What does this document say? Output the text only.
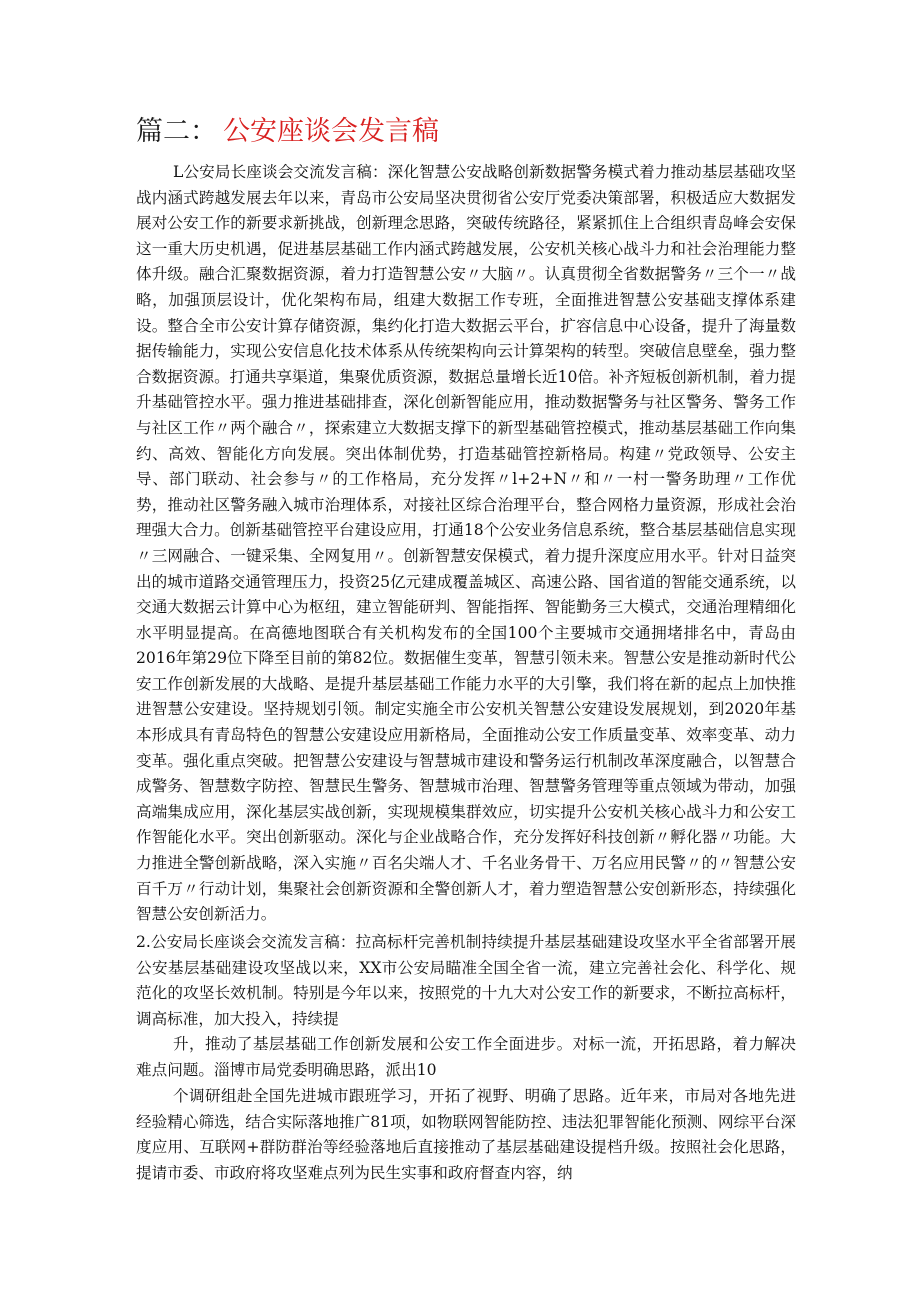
篇二： 公安座谈会发言稿

L公安局长座谈会交流发言稿：深化智慧公安战略创新数据警务模式着力推动基层基础攻坚战内涵式跨越发展去年以来，青岛市公安局坚决贯彻省公安厅党委决策部署，积极适应大数据发展对公安工作的新要求新挑战，创新理念思路，突破传统路径，紧紧抓住上合组织青岛峰会安保这一重大历史机遇，促进基层基础工作内涵式跨越发展，公安机关核心战斗力和社会治理能力整体升级。融合汇聚数据资源，着力打造智慧公安〃大脑〃。认真贯彻全省数据警务〃三个一〃战略，加强顶层设计，优化架构布局，组建大数据工作专班，全面推进智慧公安基础支撑体系建设。整合全市公安计算存储资源，集约化打造大数据云平台，扩容信息中心设备，提升了海量数据传输能力，实现公安信息化技术体系从传统架构向云计算架构的转型。突破信息壁垒，强力整合数据资源。打通共享渠道，集聚优质资源，数据总量增长近10倍。补齐短板创新机制，着力提升基础管控水平。强力推进基础排查，深化创新智能应用，推动数据警务与社区警务、警务工作与社区工作〃两个融合〃，探索建立大数据支撑下的新型基础管控模式，推动基层基础工作向集约、高效、智能化方向发展。突出体制优势，打造基础管控新格局。构建〃党政领导、公安主导、部门联动、社会参与〃的工作格局，充分发挥〃l+2+N〃和〃一村一警务助理〃工作优势，推动社区警务融入城市治理体系，对接社区综合治理平台，整合网格力量资源，形成社会治理强大合力。创新基础管控平台建设应用，打通18个公安业务信息系统，整合基层基础信息实现〃三网融合、一键采集、全网复用〃。创新智慧安保模式，着力提升深度应用水平。针对日益突出的城市道路交通管理压力，投资25亿元建成覆盖城区、高速公路、国省道的智能交通系统，以交通大数据云计算中心为枢纽，建立智能研判、智能指挥、智能勤务三大模式，交通治理精细化水平明显提高。在高德地图联合有关机构发布的全国100个主要城市交通拥堵排名中，青岛由2016年第29位下降至目前的第82位。数据催生变革，智慧引领未来。智慧公安是推动新时代公安工作创新发展的大战略、是提升基层基础工作能力水平的大引擎，我们将在新的起点上加快推进智慧公安建设。坚持规划引领。制定实施全市公安机关智慧公安建设发展规划，到2020年基本形成具有青岛特色的智慧公安建设应用新格局，全面推动公安工作质量变革、效率变革、动力变革。强化重点突破。把智慧公安建设与智慧城市建设和警务运行机制改革深度融合，以智慧合成警务、智慧数字防控、智慧民生警务、智慧城市治理、智慧警务管理等重点领域为带动，加强高端集成应用，深化基层实战创新，实现规模集群效应，切实提升公安机关核心战斗力和公安工作智能化水平。突出创新驱动。深化与企业战略合作，充分发挥好科技创新〃孵化器〃功能。大力推进全警创新战略，深入实施〃百名尖端人才、千名业务骨干、万名应用民警〃的〃智慧公安百千万〃行动计划，集聚社会创新资源和全警创新人才，着力塑造智慧公安创新形态，持续强化智慧公安创新活力。

2.公安局长座谈会交流发言稿：拉高标杆完善机制持续提升基层基础建设攻坚水平全省部署开展公安基层基础建设攻坚战以来，XX市公安局瞄准全国全省一流，建立完善社会化、科学化、规范化的攻坚长效机制。特别是今年以来，按照党的十九大对公安工作的新要求，不断拉高标杆，调高标准，加大投入，持续提

升，推动了基层基础工作创新发展和公安工作全面进步。对标一流，开拓思路，着力解决难点问题。淄博市局党委明确思路，派出10

个调研组赴全国先进城市跟班学习，开拓了视野、明确了思路。近年来，市局对各地先进经验精心筛选，结合实际落地推广81项，如物联网智能防控、违法犯罪智能化预测、网综平台深度应用、互联网+群防群治等经验落地后直接推动了基层基础建设提档升级。按照社会化思路，提请市委、市政府将攻坚难点列为民生实事和政府督查内容，纳
